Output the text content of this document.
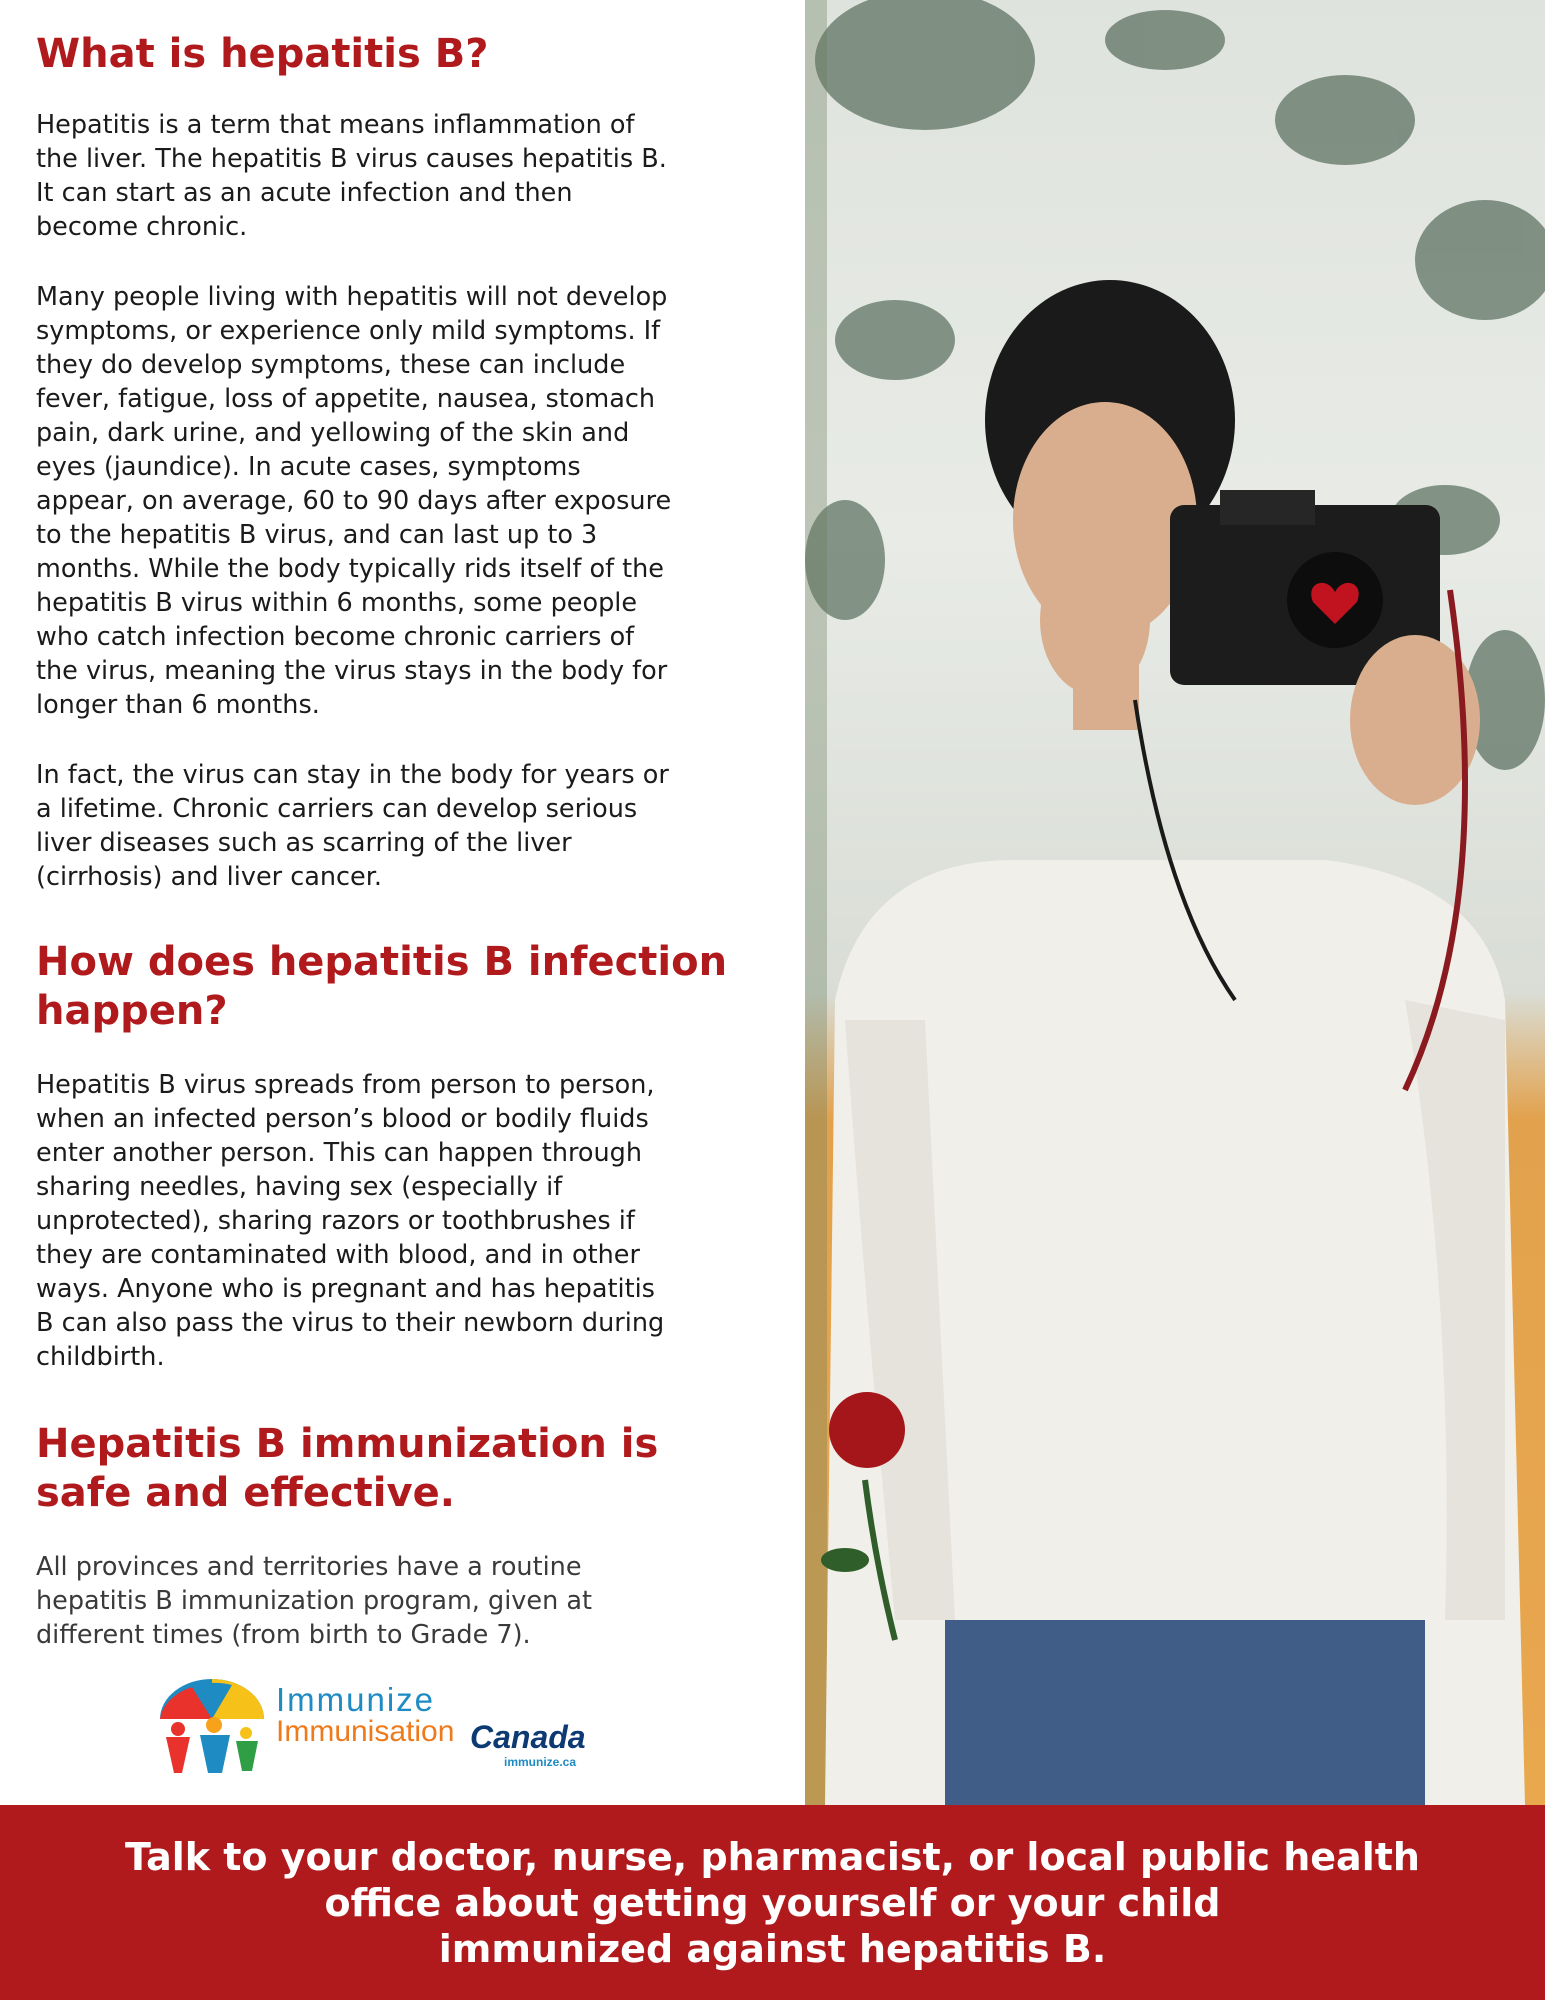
What is hepatitis B?

Hepatitis is a term that means inflammation of
the liver. The hepatitis B virus causes hepatitis B.
It can start as an acute infection and then
become chronic.

Many people living with hepatitis will not develop
symptoms, or experience only mild symptoms. If
they do develop symptoms, these can include
fever, fatigue, loss of appetite, nausea, stomach
pain, dark urine, and yellowing of the skin and
eyes (jaundice). In acute cases, symptoms
appear, on average, 60 to 90 days after exposure
to the hepatitis B virus, and can last up to 3
months. While the body typically rids itself of the
hepatitis B virus within 6 months, some people
who catch infection become chronic carriers of
the virus, meaning the virus stays in the body for
longer than 6 months.

In fact, the virus can stay in the body for years or
a lifetime. Chronic carriers can develop serious
liver diseases such as scarring of the liver
(cirrhosis) and liver cancer.

How does hepatitis B infection
happen?

Hepatitis B virus spreads from person to person,
when an infected person’s blood or bodily fluids
enter another person. This can happen through
sharing needles, having sex (especially if
unprotected), sharing razors or toothbrushes if
they are contaminated with blood, and in other
ways. Anyone who is pregnant and has hepatitis
B can also pass the virus to their newborn during
childbirth.

Hepatitis B immunization is
safe and effective.

All provinces and territories have a routine
hepatitis B immunization program, given at
different times (from birth to Grade 7).

Immunize
Immunisation Canada
immunize.ca

Talk to your doctor, nurse, pharmacist, or local public health
office about getting yourself or your child
immunized against hepatitis B.
